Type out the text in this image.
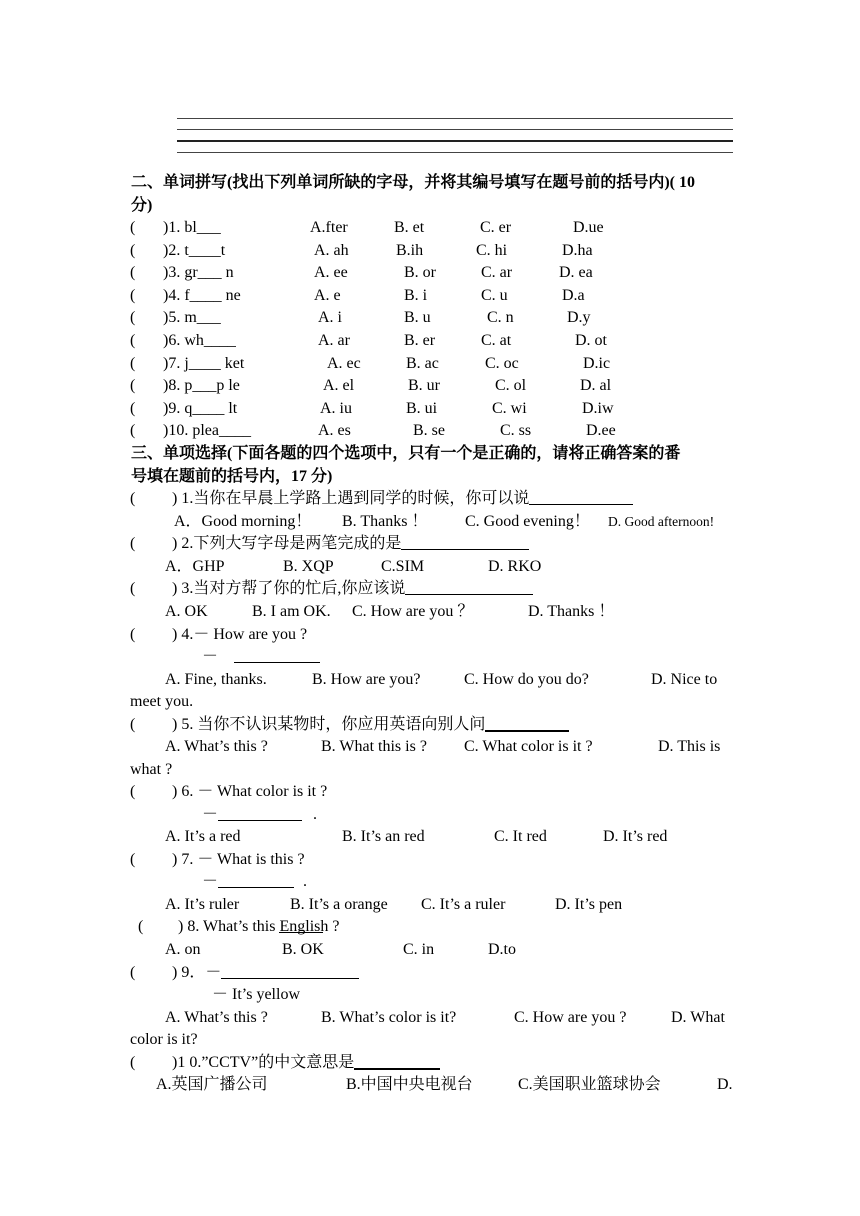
二、单词拼写(找出下列单词所缺的字母，并将其编号填写在题号前的括号内)( 10
分)
( )1. bl___	A.fter	B. et	C. er	D.ue
( )2. t____t	A. ah	B.ih	C. hi	D.ha
( )3. gr___ n	A. ee	B. or	C. ar	D. ea
( )4. f____ ne	A. e	B. i	C. u	D.a
( )5. m___	A. i	B. u	C. n	D.y
( )6. wh____	A. ar	B. er	C. at	D. ot
( )7. j____ ket	A. ec	B. ac	C. oc	D.ic
( )8. p___p le	A. el	B. ur	C. ol	D. al
( )9. q____ lt	A. iu	B. ui	C. wi	D.iw
( )10. plea____	A. es	B. se	C. ss	D.ee
三、单项选择(下面各题的四个选项中，只有一个是正确的，请将正确答案的番
号填在题前的括号内，17 分)
( ) 1.当你在早晨上学路上遇到同学的时候，你可以说
A．Good morning！ B. Thanks ！ C. Good evening！ D. Good afternoon!
( ) 2.下列大写字母是两笔完成的是
A．GHP	B. XQP	C.SIM	D. RKO
( ) 3.当对方帮了你的忙后,你应该说
A. OK	B. I am OK. C. How are you ？	D. Thanks ！
( ) 4.－ How are you ?
－
A. Fine, thanks.	B. How are you?	C. How do you do?	D. Nice to
meet you.
( ) 5. 当你不认识某物时，你应用英语向别人问
A. What’s this ?	B. What this is ? C. What color is it ?	D. This is
what ?
( ) 6. － What color is it ?
－	.
A. It’s a red	B. It’s an red	C. It red	D. It’s red
( ) 7. － What is this ?
－	.
A. It’s ruler	B. It’s a orange C. It’s a ruler	D. It’s pen
( ) 8. What’s this English ?
A. on	B. OK	C. in	D.to
( ) 9．－
－ It’s yellow
A. What’s this ?	B. What’s color is it?	C. How are you ?	D. What
color is it?
( )1 0.”CCTV”的中文意思是
A.英国广播公司	B.中国中央电视台	C.美国职业篮球协会	D.
